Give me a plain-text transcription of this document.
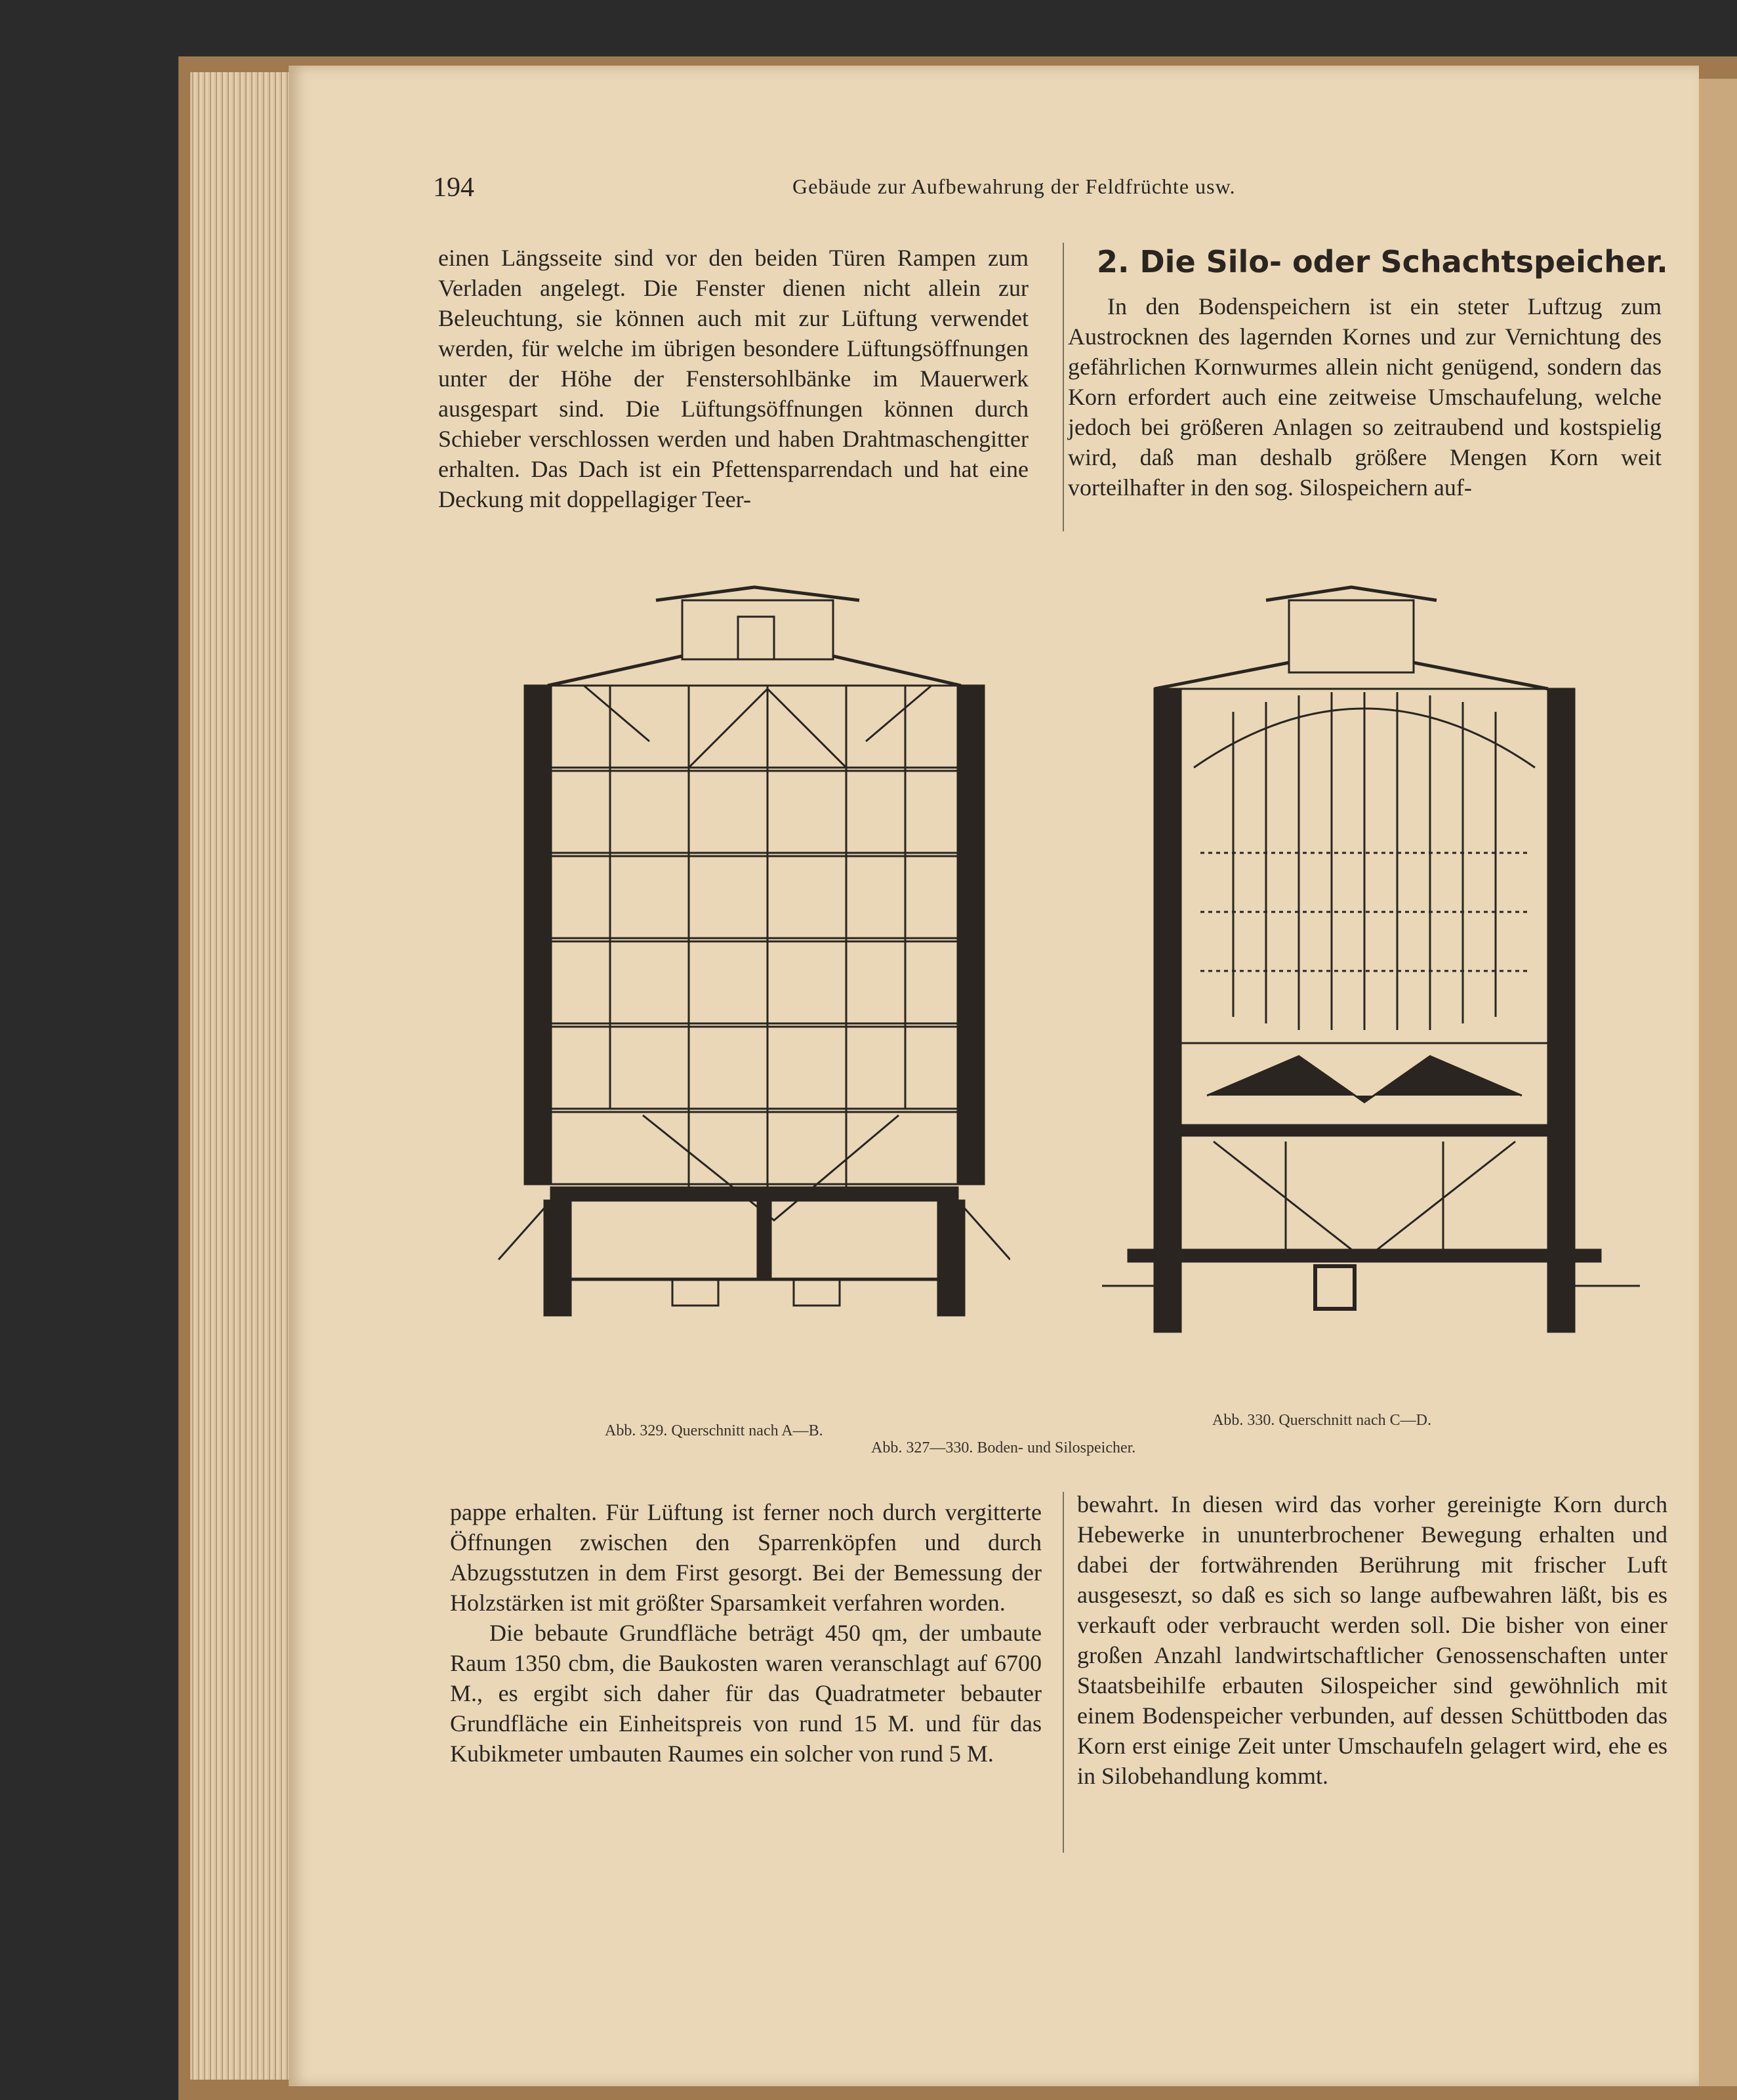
194	Gebäude zur Aufbewahrung der Feldfrüchte usw.

einen Längsseite sind vor den beiden Türen Rampen zum Verladen angelegt. Die Fenster dienen nicht allein zur Beleuchtung, sie können auch mit zur Lüftung verwendet werden, für welche im übrigen besondere Lüftungsöffnungen unter der Höhe der Fenstersohlbänke im Mauerwerk ausgespart sind. Die Lüftungsöffnungen können durch Schieber verschlossen werden und haben Drahtmaschengitter erhalten. Das Dach ist ein Pfettensparrendach und hat eine Deckung mit doppellagiger Teer-

2. Die Silo- oder Schachtspeicher.

In den Bodenspeichern ist ein steter Luftzug zum Austrocknen des lagernden Kornes und zur Vernichtung des gefährlichen Kornwurmes allein nicht genügend, sondern das Korn erfordert auch eine zeitweise Umschaufelung, welche jedoch bei größeren Anlagen so zeitraubend und kostspielig wird, daß man deshalb größere Mengen Korn weit vorteilhafter in den sog. Silospeichern auf-

Abb. 329. Querschnitt nach A—B.
Abb. 330. Querschnitt nach C—D.
Abb. 327—330. Boden- und Silospeicher.

pappe erhalten. Für Lüftung ist ferner noch durch vergitterte Öffnungen zwischen den Sparrenköpfen und durch Abzugsstutzen in dem First gesorgt. Bei der Bemessung der Holzstärken ist mit größter Sparsamkeit verfahren worden.

Die bebaute Grundfläche beträgt 450 qm, der umbaute Raum 1350 cbm, die Baukosten waren veranschlagt auf 6700 M., es ergibt sich daher für das Quadratmeter bebauter Grundfläche ein Einheitspreis von rund 15 M. und für das Kubikmeter umbauten Raumes ein solcher von rund 5 M.

bewahrt. In diesen wird das vorher gereinigte Korn durch Hebewerke in ununterbrochener Bewegung erhalten und dabei der fortwährenden Berührung mit frischer Luft ausgeseszt, so daß es sich so lange aufbewahren läßt, bis es verkauft oder verbraucht werden soll. Die bisher von einer großen Anzahl landwirtschaftlicher Genossenschaften unter Staatsbeihilfe erbauten Silospeicher sind gewöhnlich mit einem Bodenspeicher verbunden, auf dessen Schüttboden das Korn erst einige Zeit unter Umschaufeln gelagert wird, ehe es in Silobehandlung kommt.
